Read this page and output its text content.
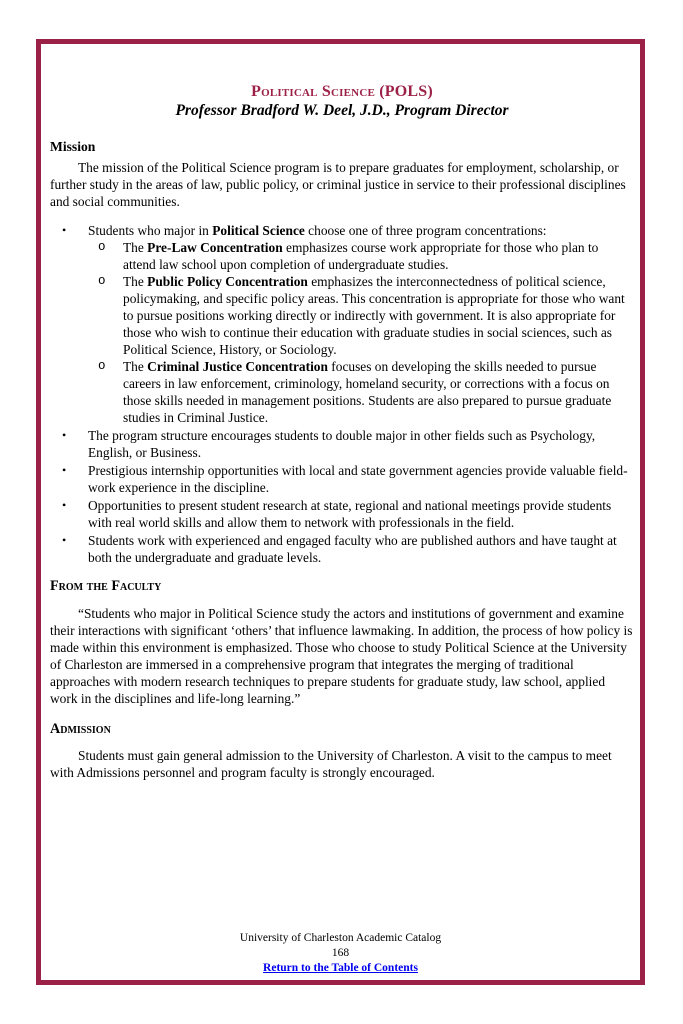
Political Science (POLS)
Professor Bradford W. Deel, J.D., Program Director
Mission
The mission of the Political Science program is to prepare graduates for employment, scholarship, or further study in the areas of law, public policy, or criminal justice in service to their professional disciplines and social communities.
•	Students who major in Political Science choose one of three program concentrations:
o	The Pre-Law Concentration emphasizes course work appropriate for those who plan to attend law school upon completion of undergraduate studies.
o	The Public Policy Concentration emphasizes the interconnectedness of political science, policymaking, and specific policy areas. This concentration is appropriate for those who want to pursue positions working directly or indirectly with government. It is also appropriate for those who wish to continue their education with graduate studies in social sciences, such as Political Science, History, or Sociology.
o	The Criminal Justice Concentration focuses on developing the skills needed to pursue careers in law enforcement, criminology, homeland security, or corrections with a focus on those skills needed in management positions. Students are also prepared to pursue graduate studies in Criminal Justice.
•	The program structure encourages students to double major in other fields such as Psychology, English, or Business.
•	Prestigious internship opportunities with local and state government agencies provide valuable field-work experience in the discipline.
•	Opportunities to present student research at state, regional and national meetings provide students with real world skills and allow them to network with professionals in the field.
•	Students work with experienced and engaged faculty who are published authors and have taught at both the undergraduate and graduate levels.
From the Faculty
“Students who major in Political Science study the actors and institutions of government and examine their interactions with significant ‘others’ that influence lawmaking. In addition, the process of how policy is made within this environment is emphasized. Those who choose to study Political Science at the University of Charleston are immersed in a comprehensive program that integrates the merging of traditional approaches with modern research techniques to prepare students for graduate study, law school, applied work in the disciplines and life-long learning.”
Admission
Students must gain general admission to the University of Charleston. A visit to the campus to meet with Admissions personnel and program faculty is strongly encouraged.
University of Charleston Academic Catalog
168
Return to the Table of Contents
